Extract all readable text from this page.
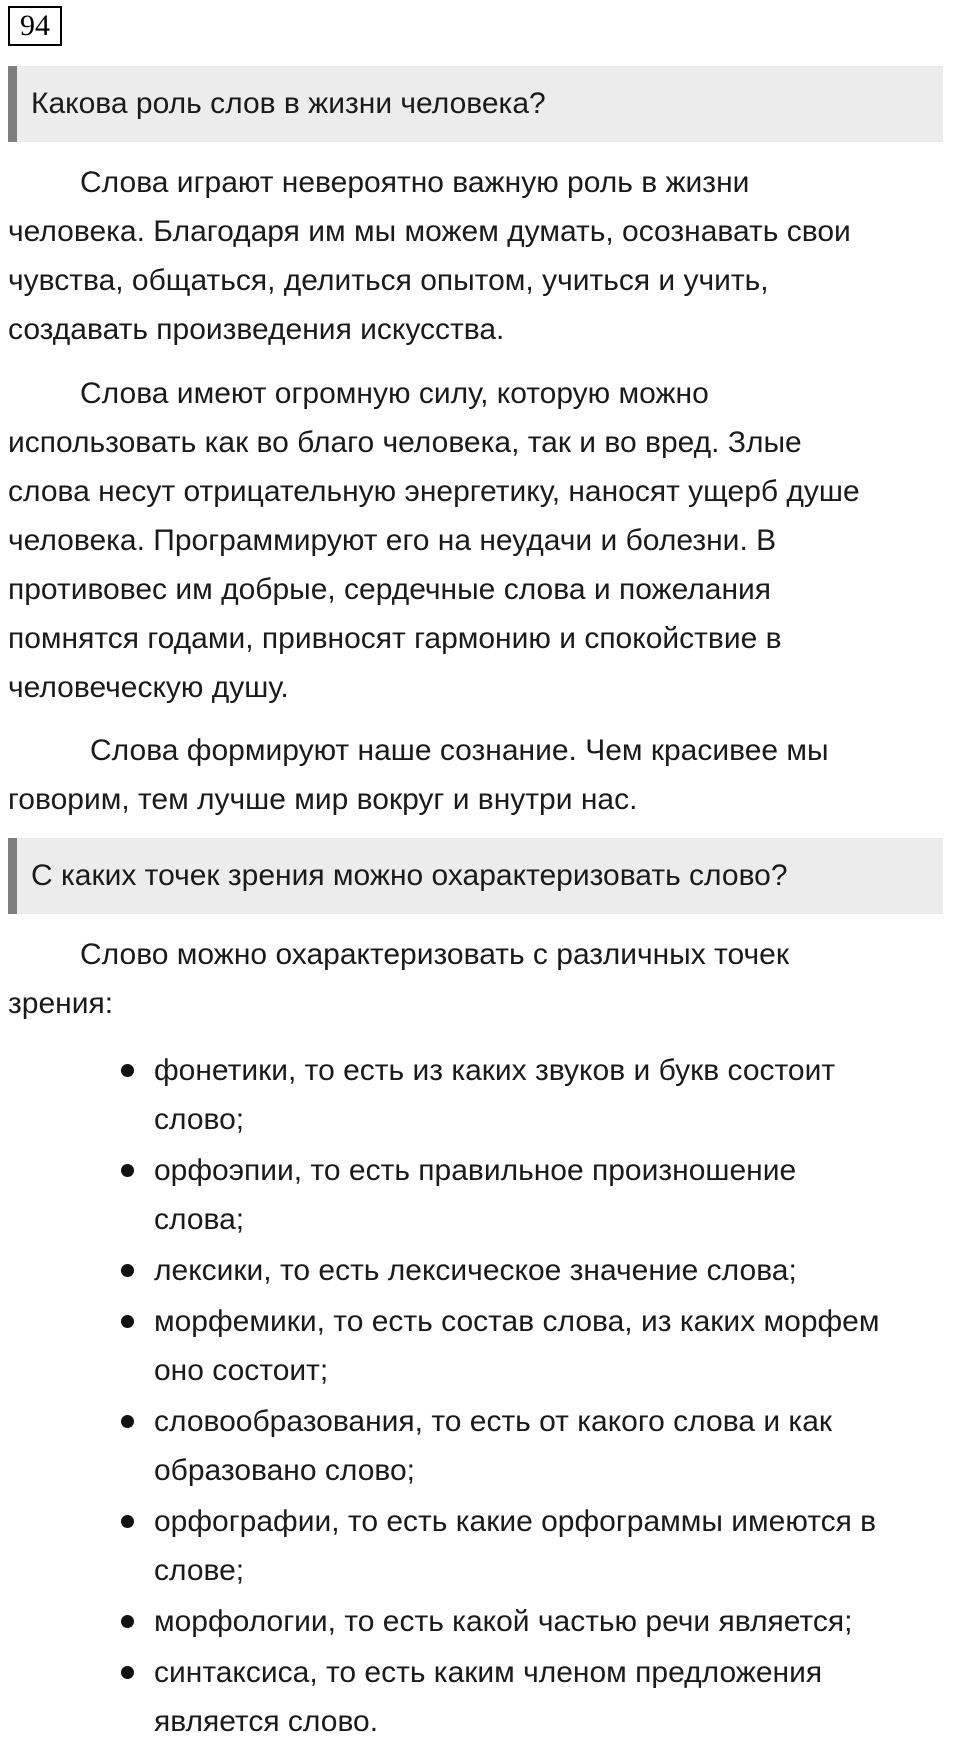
94
Какова роль слов в жизни человека?

Слова играют невероятно важную роль в жизни
человека. Благодаря им мы можем думать, осознавать свои
чувства, общаться, делиться опытом, учиться и учить,
создавать произведения искусства.

Слова имеют огромную силу, которую можно
использовать как во благо человека, так и во вред. Злые
слова несут отрицательную энергетику, наносят ущерб душе
человека. Программируют его на неудачи и болезни. В
противовес им добрые, сердечные слова и пожелания
помнятся годами, привносят гармонию и спокойствие в
человеческую душу.

Слова формируют наше сознание. Чем красивее мы
говорим, тем лучше мир вокруг и внутри нас.

С каких точек зрения можно охарактеризовать слово?

Слово можно охарактеризовать с различных точек
зрения:

фонетики, то есть из каких звуков и букв состоит
слово;
орфоэпии, то есть правильное произношение
слова;
лексики, то есть лексическое значение слова;
морфемики, то есть состав слова, из каких морфем
оно состоит;
словообразования, то есть от какого слова и как
образовано слово;
орфографии, то есть какие орфограммы имеются в
слове;
морфологии, то есть какой частью речи является;
синтаксиса, то есть каким членом предложения
является слово.
